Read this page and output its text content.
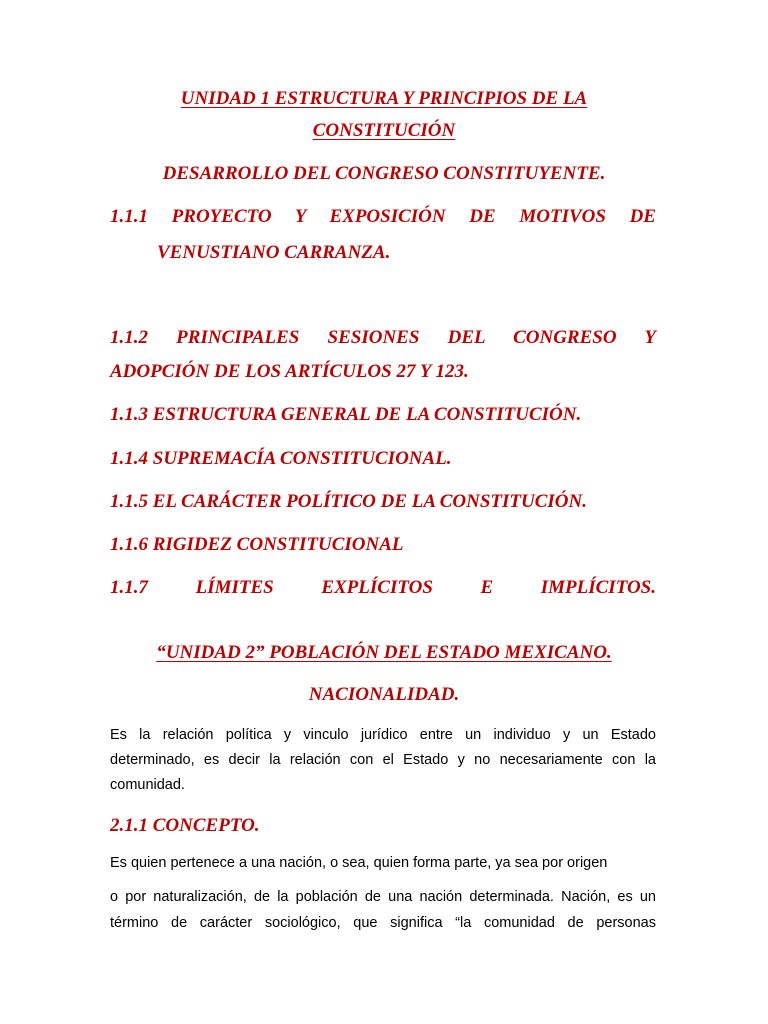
UNIDAD 1 ESTRUCTURA Y PRINCIPIOS DE LA
CONSTITUCIÓN
DESARROLLO DEL CONGRESO CONSTITUYENTE.
1.1.1 PROYECTO Y EXPOSICIÓN DE MOTIVOS DE
VENUSTIANO CARRANZA.
1.1.2 PRINCIPALES SESIONES DEL CONGRESO Y
ADOPCIÓN DE LOS ARTÍCULOS 27 Y 123.
1.1.3 ESTRUCTURA GENERAL DE LA CONSTITUCIÓN.
1.1.4 SUPREMACÍA CONSTITUCIONAL.
1.1.5 EL CARÁCTER POLÍTICO DE LA CONSTITUCIÓN.
1.1.6 RIGIDEZ CONSTITUCIONAL
1.1.7 LÍMITES EXPLÍCITOS E IMPLÍCITOS.
“UNIDAD 2” POBLACIÓN DEL ESTADO MEXICANO.
NACIONALIDAD.
Es la relación política y vinculo jurídico entre un individuo y un Estado
determinado, es decir la relación con el Estado y no necesariamente con la
comunidad.
2.1.1 CONCEPTO.
Es quien pertenece a una nación, o sea, quien forma parte, ya sea por origen
o por naturalización, de la población de una nación determinada. Nación, es un
término de carácter sociológico, que significa “la comunidad de personas
